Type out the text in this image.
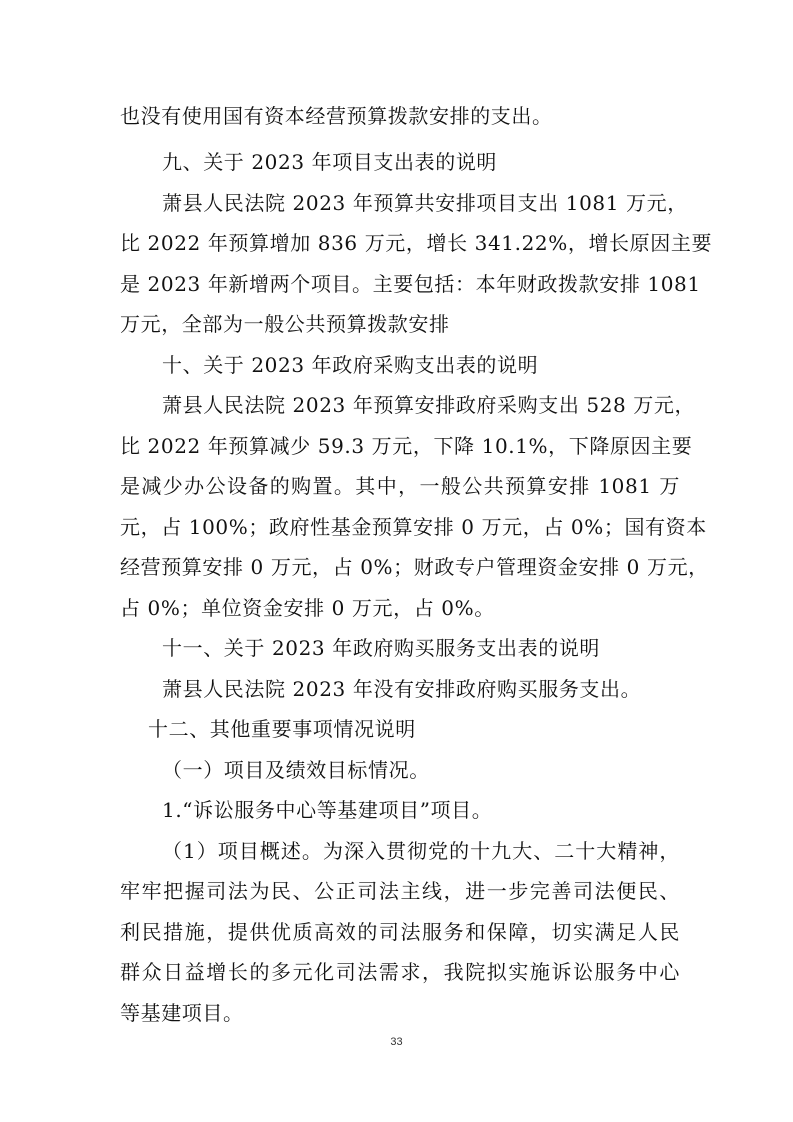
也没有使用国有资本经营预算拨款安排的支出。
九、关于 2023 年项目支出表的说明
萧县人民法院 2023 年预算共安排项目支出 1081 万元，
比 2022 年预算增加 836 万元，增长 341.22%，增长原因主要
是 2023 年新增两个项目。主要包括：本年财政拨款安排 1081
万元，全部为一般公共预算拨款安排
十、关于 2023 年政府采购支出表的说明
萧县人民法院 2023 年预算安排政府采购支出 528 万元，
比 2022 年预算减少 59.3 万元，下降 10.1%，下降原因主要
是减少办公设备的购置。其中，一般公共预算安排 1081 万
元，占 100%；政府性基金预算安排 0 万元，占 0%；国有资本
经营预算安排 0 万元，占 0%；财政专户管理资金安排 0 万元，
占 0%；单位资金安排 0 万元，占 0%。
十一、关于 2023 年政府购买服务支出表的说明
萧县人民法院 2023 年没有安排政府购买服务支出。
十二、其他重要事项情况说明
（一）项目及绩效目标情况。
1.“诉讼服务中心等基建项目”项目。
（1）项目概述。为深入贯彻党的十九大、二十大精神，
牢牢把握司法为民、公正司法主线，进一步完善司法便民、
利民措施，提供优质高效的司法服务和保障，切实满足人民
群众日益增长的多元化司法需求，我院拟实施诉讼服务中心
等基建项目。
33
